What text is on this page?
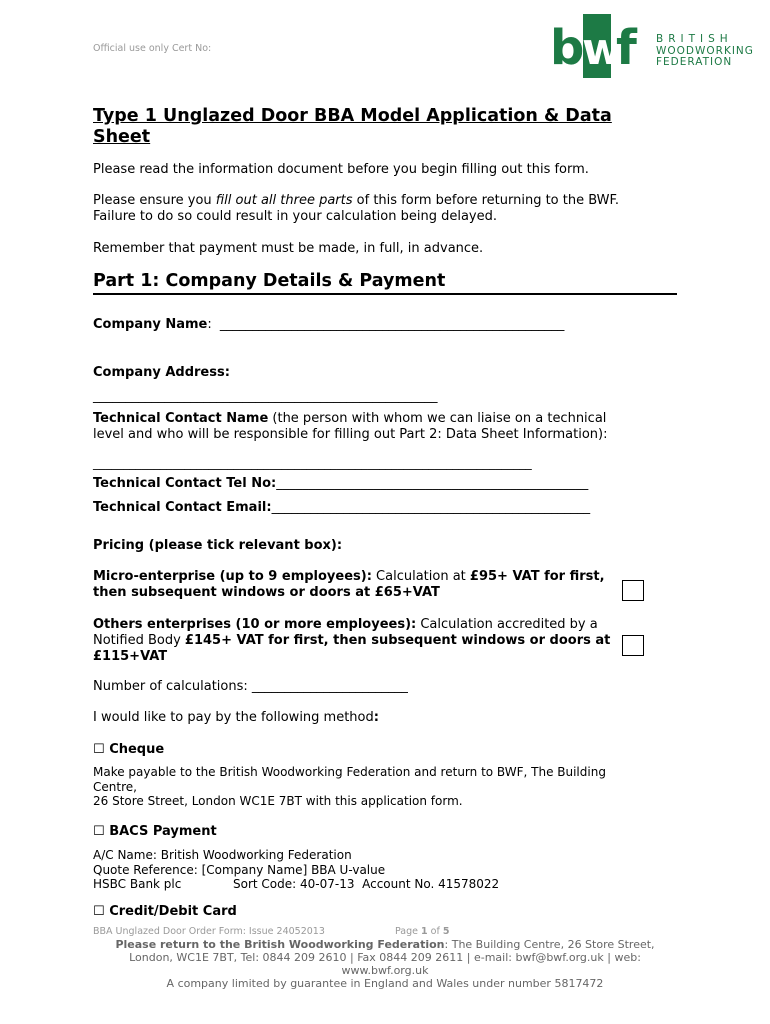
Official use only Cert No:	b
w
f BRITISH
WOODWORKING
FEDERATION
Type 1 Unglazed Door BBA Model Application & Data Sheet
Please read the information document before you begin filling out this form.
Please ensure you fill out all three parts of this form before returning to the BWF.
Failure to do so could result in your calculation being delayed.
Remember that payment must be made, in full, in advance.
Part 1: Company Details & Payment
Company Name: _____________________________________________________
Company Address:
_____________________________________________________
Technical Contact Name (the person with whom we can liaise on a technical
level and who will be responsible for filling out Part 2: Data Sheet Information):
________________________________________________________________________
Technical Contact Tel No:________________________________________________
Technical Contact Email:_________________________________________________
Pricing (please tick relevant box):
Micro-enterprise (up to 9 employees): Calculation at £95+ VAT for first,
then subsequent windows or doors at £65+VAT
Others enterprises (10 or more employees): Calculation accredited by a
Notified Body £145+ VAT for first, then subsequent windows or doors at
£115+VAT
Number of calculations: ________________________
I would like to pay by the following method:
☐ Cheque
Make payable to the British Woodworking Federation and return to BWF, The Building
Centre,
26 Store Street, London WC1E 7BT with this application form.
☐ BACS Payment
A/C Name: British Woodworking Federation
Quote Reference: [Company Name] BBA U-value
HSBC Bank plc	Sort Code: 40-07-13 Account No. 41578022
☐ Credit/Debit Card
BBA Unglazed Door Order Form: Issue 24052013	Page 1 of 5
Please return to the British Woodworking Federation: The Building Centre, 26 Store Street,
London, WC1E 7BT, Tel: 0844 209 2610 | Fax 0844 209 2611 | e-mail: bwf@bwf.org.uk | web:
www.bwf.org.uk
A company limited by guarantee in England and Wales under number 5817472
